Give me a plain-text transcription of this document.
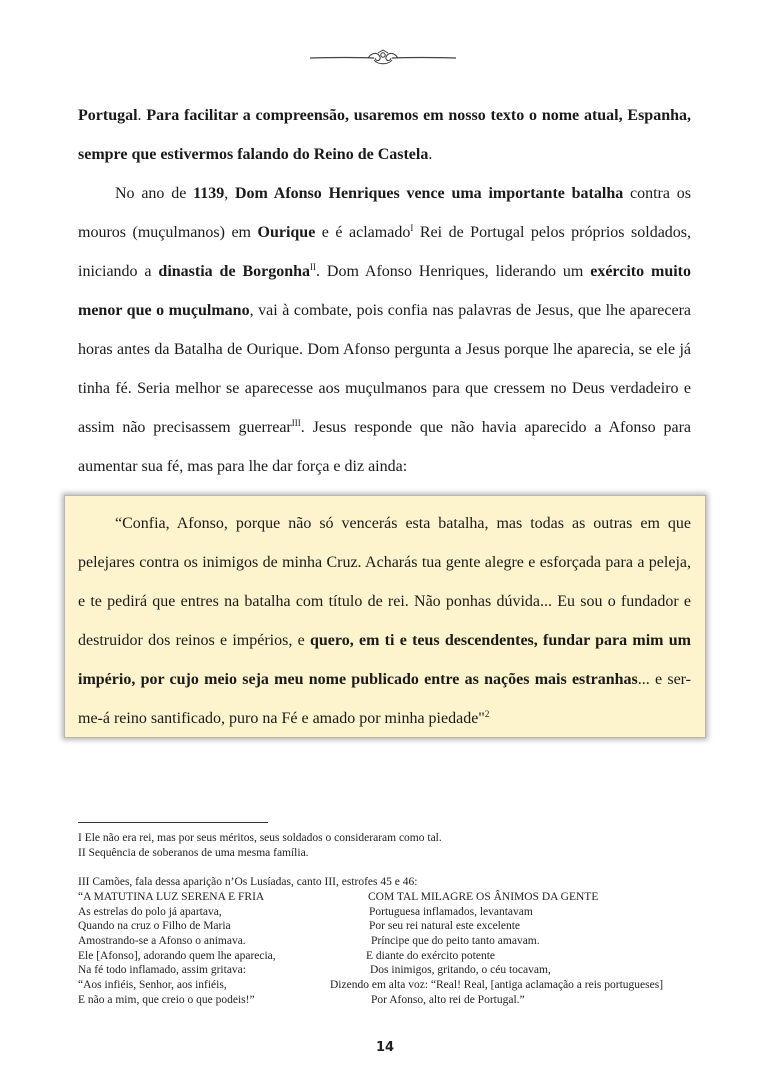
Portugal. Para facilitar a compreensão, usaremos em nosso texto o nome atual, Espanha, sempre que estivermos falando do Reino de Castela.

No ano de 1139, Dom Afonso Henriques vence uma importante batalha contra os mouros (muçulmanos) em Ourique e é aclamado$^I$ Rei de Portugal pelos próprios soldados, iniciando a dinastia de Borgonha$^{II}$. Dom Afonso Henriques, liderando um exército muito menor que o muçulmano, vai à combate, pois confia nas palavras de Jesus, que lhe aparecera horas antes da Batalha de Ourique. Dom Afonso pergunta a Jesus porque lhe aparecia, se ele já tinha fé. Seria melhor se aparecesse aos muçulmanos para que cressem no Deus verdadeiro e assim não precisassem guerrear$^{III}$. Jesus responde que não havia aparecido a Afonso para aumentar sua fé, mas para lhe dar força e diz ainda:

“Confia, Afonso, porque não só vencerás esta batalha, mas todas as outras em que pelejares contra os inimigos de minha Cruz. Acharás tua gente alegre e esforçada para a peleja, e te pedirá que entres na batalha com título de rei. Não ponhas dúvida... Eu sou o fundador e destruidor dos reinos e impérios, e quero, em ti e teus descendentes, fundar para mim um império, por cujo meio seja meu nome publicado entre as nações mais estranhas... e ser-me-á reino santificado, puro na Fé e amado por minha piedade"$^2$

I Ele não era rei, mas por seus méritos, seus soldados o consideraram como tal.
II Sequência de soberanos de uma mesma família.
III Camões, fala dessa aparição n’Os Lusíadas, canto III, estrofes 45 e 46:
“A MATUTINA LUZ SERENA E FRIA
As estrelas do polo já apartava,
Quando na cruz o Filho de Maria
Amostrando-se a Afonso o animava.
Ele [Afonso], adorando quem lhe aparecia,
Na fé todo inflamado, assim gritava:
“Aos infiéis, Senhor, aos infiéis,
E não a mim, que creio o que podeis!”
COM TAL MILAGRE OS ÂNIMOS DA GENTE
Portuguesa inflamados, levantavam
Por seu rei natural este excelente
Príncipe que do peito tanto amavam.
E diante do exército potente
Dos inimigos, gritando, o céu tocavam,
Dizendo em alta voz: “Real! Real, [antiga aclamação a reis portugueses]
Por Afonso, alto rei de Portugal.”
14
